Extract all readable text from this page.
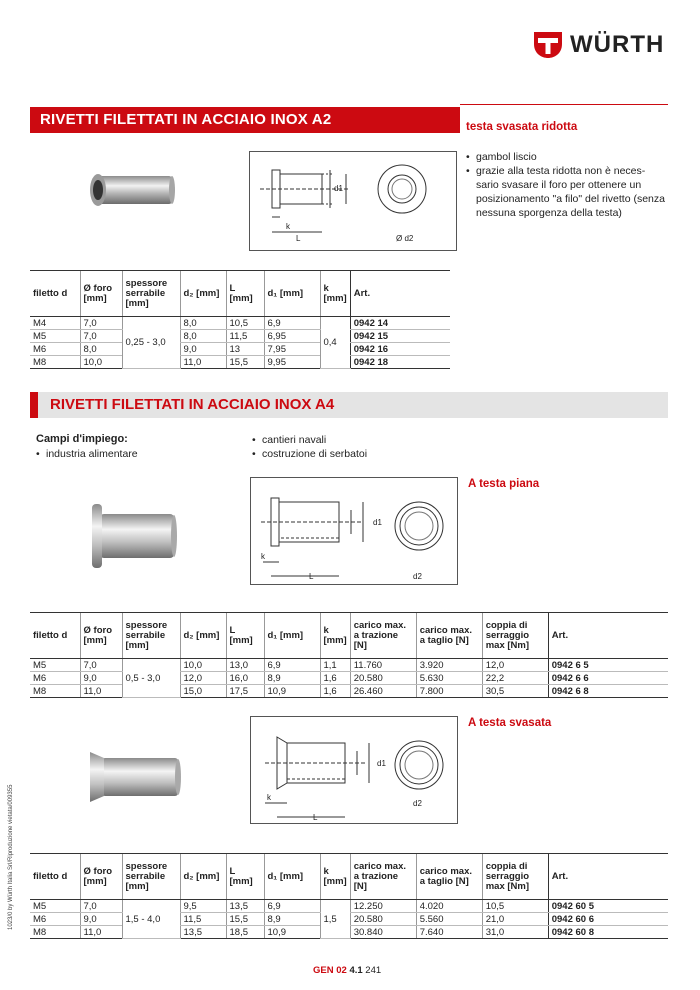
WÜRTH
RIVETTI FILETTATI IN ACCIAIO INOX A2	testa svasata ridotta
k
L
d1
Ø d2
• gambol liscio
• grazie alla testa ridotta non è neces-sario svasare il foro per ottenere un posizionamento "a filo" del rivetto (senza nessuna sporgenza della testa)
filetto d	Ø foro [mm]	spessore serrabile [mm]	d₂ [mm]	L [mm]	d₁ [mm]	k [mm]	Art.
M4	7,0	0,25 - 3,0	8,0	10,5	6,9	0,4	0942 14
M5	7,0		8,0	11,5	6,95		0942 15
M6	8,0		9,0	13	7,95		0942 16
M8	10,0		11,0	15,5	9,95		0942 18
RIVETTI FILETTATI IN ACCIAIO INOX A4
Campi d'impiego:
• industria alimentare
• cantieri navali
• costruzione di serbatoi
A testa piana
k
L
d1
d2
filetto d	Ø foro [mm]	spessore serrabile [mm]	d₂ [mm]	L [mm]	d₁ [mm]	k [mm]	carico max. a trazione [N]	carico max. a taglio [N]	coppia di serraggio max [Nm]	Art.
M5	7,0	0,5 - 3,0	10,0	13,0	6,9	1,1	11.760	3.920	12,0	0942 6 5
M6	9,0		12,0	16,0	8,9	1,6	20.580	5.630	22,2	0942 6 6
M8	11,0		15,0	17,5	10,9	1,6	26.460	7.800	30,5	0942 6 8
A testa svasata
k
L
d1
d2
filetto d	Ø foro [mm]	spessore serrabile [mm]	d₂ [mm]	L [mm]	d₁ [mm]	k [mm]	carico max. a trazione [N]	carico max. a taglio [N]	coppia di serraggio max [Nm]	Art.
M5	7,0	1,5 - 4,0	9,5	13,5	6,9	1,5	12.250	4.020	10,5	0942 60 5
M6	9,0		11,5	15,5	8,9		20.580	5.560	21,0	0942 60 6
M8	11,0		13,5	18,5	10,9		30.840	7.640	31,0	0942 60 8
1023/0 by Würth Italia Srl/Riproduzione vietata/009355
GEN 02 4.1 241
